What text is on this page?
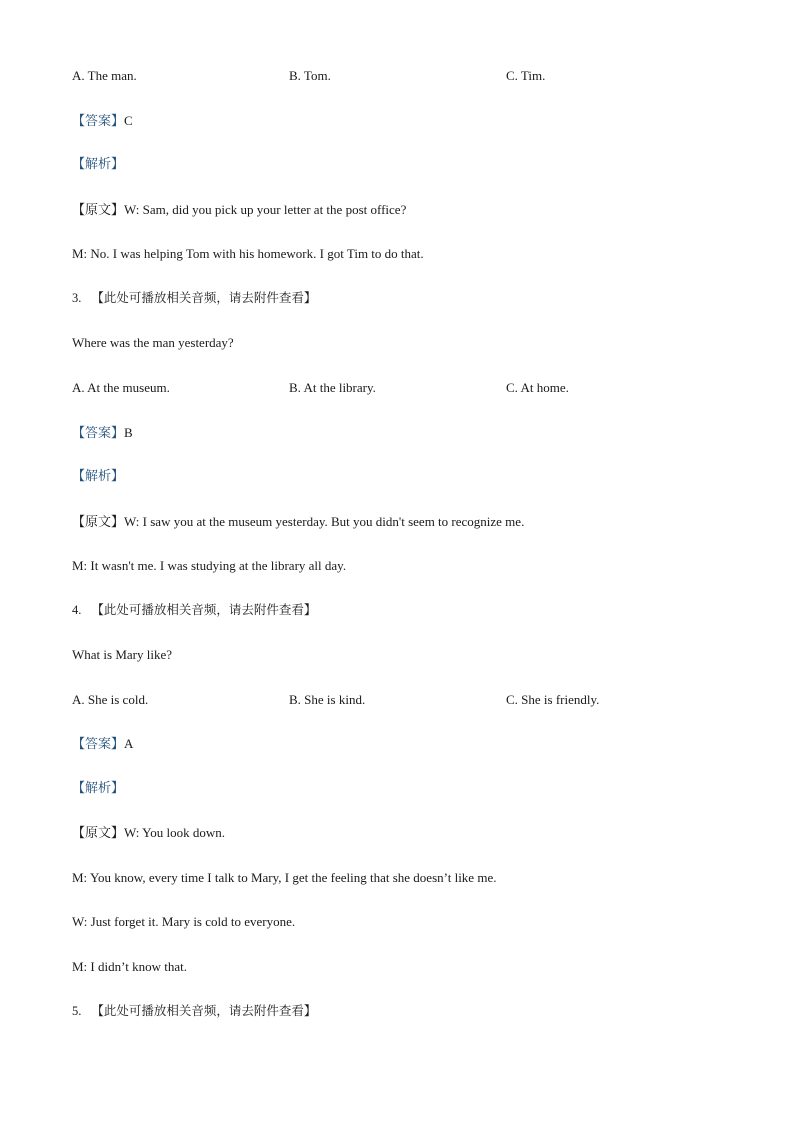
A. The man.	B. Tom.	C. Tim.
【答案】C
【解析】
【原文】W: Sam, did you pick up your letter at the post office?
M: No. I was helping Tom with his homework. I got Tim to do that.
3. 【此处可播放相关音频，请去附件查看】
Where was the man yesterday?
A. At the museum.	B. At the library.	C. At home.
【答案】B
【解析】
【原文】W: I saw you at the museum yesterday. But you didn't seem to recognize me.
M: It wasn't me. I was studying at the library all day.
4. 【此处可播放相关音频，请去附件查看】
What is Mary like?
A. She is cold.	B. She is kind.	C. She is friendly.
【答案】A
【解析】
【原文】W: You look down.
M: You know, every time I talk to Mary, I get the feeling that she doesn’t like me.
W: Just forget it. Mary is cold to everyone.
M: I didn’t know that.
5. 【此处可播放相关音频，请去附件查看】
